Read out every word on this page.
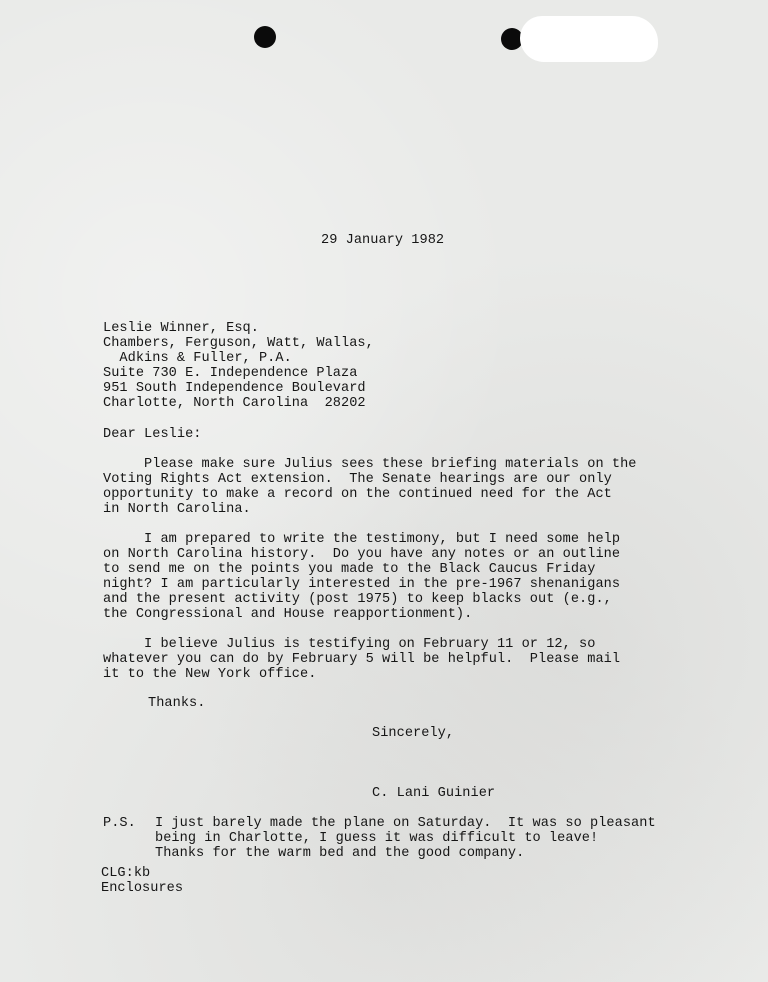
29 January 1982
Leslie Winner, Esq.
Chambers, Ferguson, Watt, Wallas,
Adkins & Fuller, P.A.
Suite 730 E. Independence Plaza
951 South Independence Boulevard
Charlotte, North Carolina  28202
Dear Leslie:
Please make sure Julius sees these briefing materials on the
Voting Rights Act extension.  The Senate hearings are our only
opportunity to make a record on the continued need for the Act
in North Carolina.
I am prepared to write the testimony, but I need some help
on North Carolina history.  Do you have any notes or an outline
to send me on the points you made to the Black Caucus Friday
night? I am particularly interested in the pre-1967 shenanigans
and the present activity (post 1975) to keep blacks out (e.g.,
the Congressional and House reapportionment).
I believe Julius is testifying on February 11 or 12, so
whatever you can do by February 5 will be helpful.  Please mail
it to the New York office.
Thanks.
Sincerely,
C. Lani Guinier
P.S. I just barely made the plane on Saturday.  It was so pleasant
being in Charlotte, I guess it was difficult to leave!
Thanks for the warm bed and the good company.
CLG:kb
Enclosures
